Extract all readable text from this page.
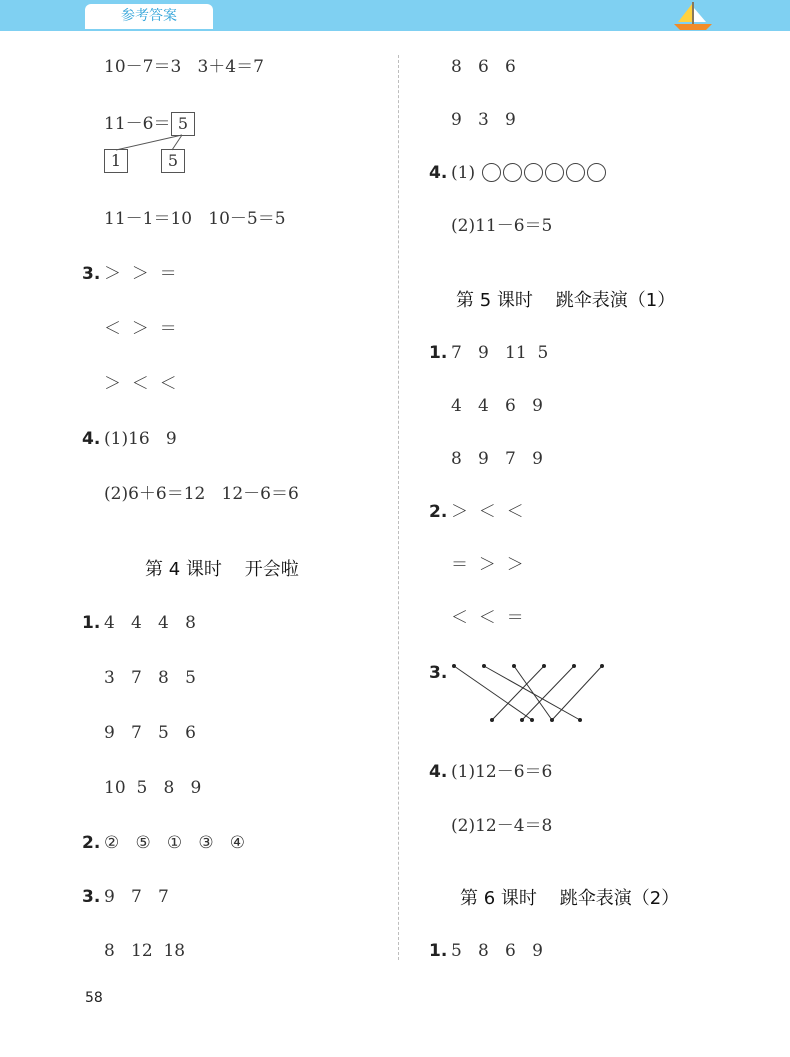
参考答案
10－7＝3   3＋4＝7
11－6＝ 5
1	5
11－1＝10   10－5＝5
3. ＞  ＞  ＝
＜  ＞  ＝
＞  ＜  ＜
4. (1)16   9
(2)6＋6＝12   12－6＝6
第 4 课时    开会啦
1. 4   4   4   8
3   7   8   5
9   7   5   6
10  5   8   9
2. ②   ⑤   ①   ③   ④
3. 9   7   7
8   12  18
8   6   6
9   3   9
4. (1)
(2)11－6＝5
第 5 课时    跳伞表演（1）
1. 7   9   11  5
4   4   6   9
8   9   7   9
2. ＞  ＜  ＜
＝  ＞  ＞
＜  ＜  ＝
3.
4. (1)12－6＝6
(2)12－4＝8
第 6 课时    跳伞表演（2）
1. 5   8   6   9
58
